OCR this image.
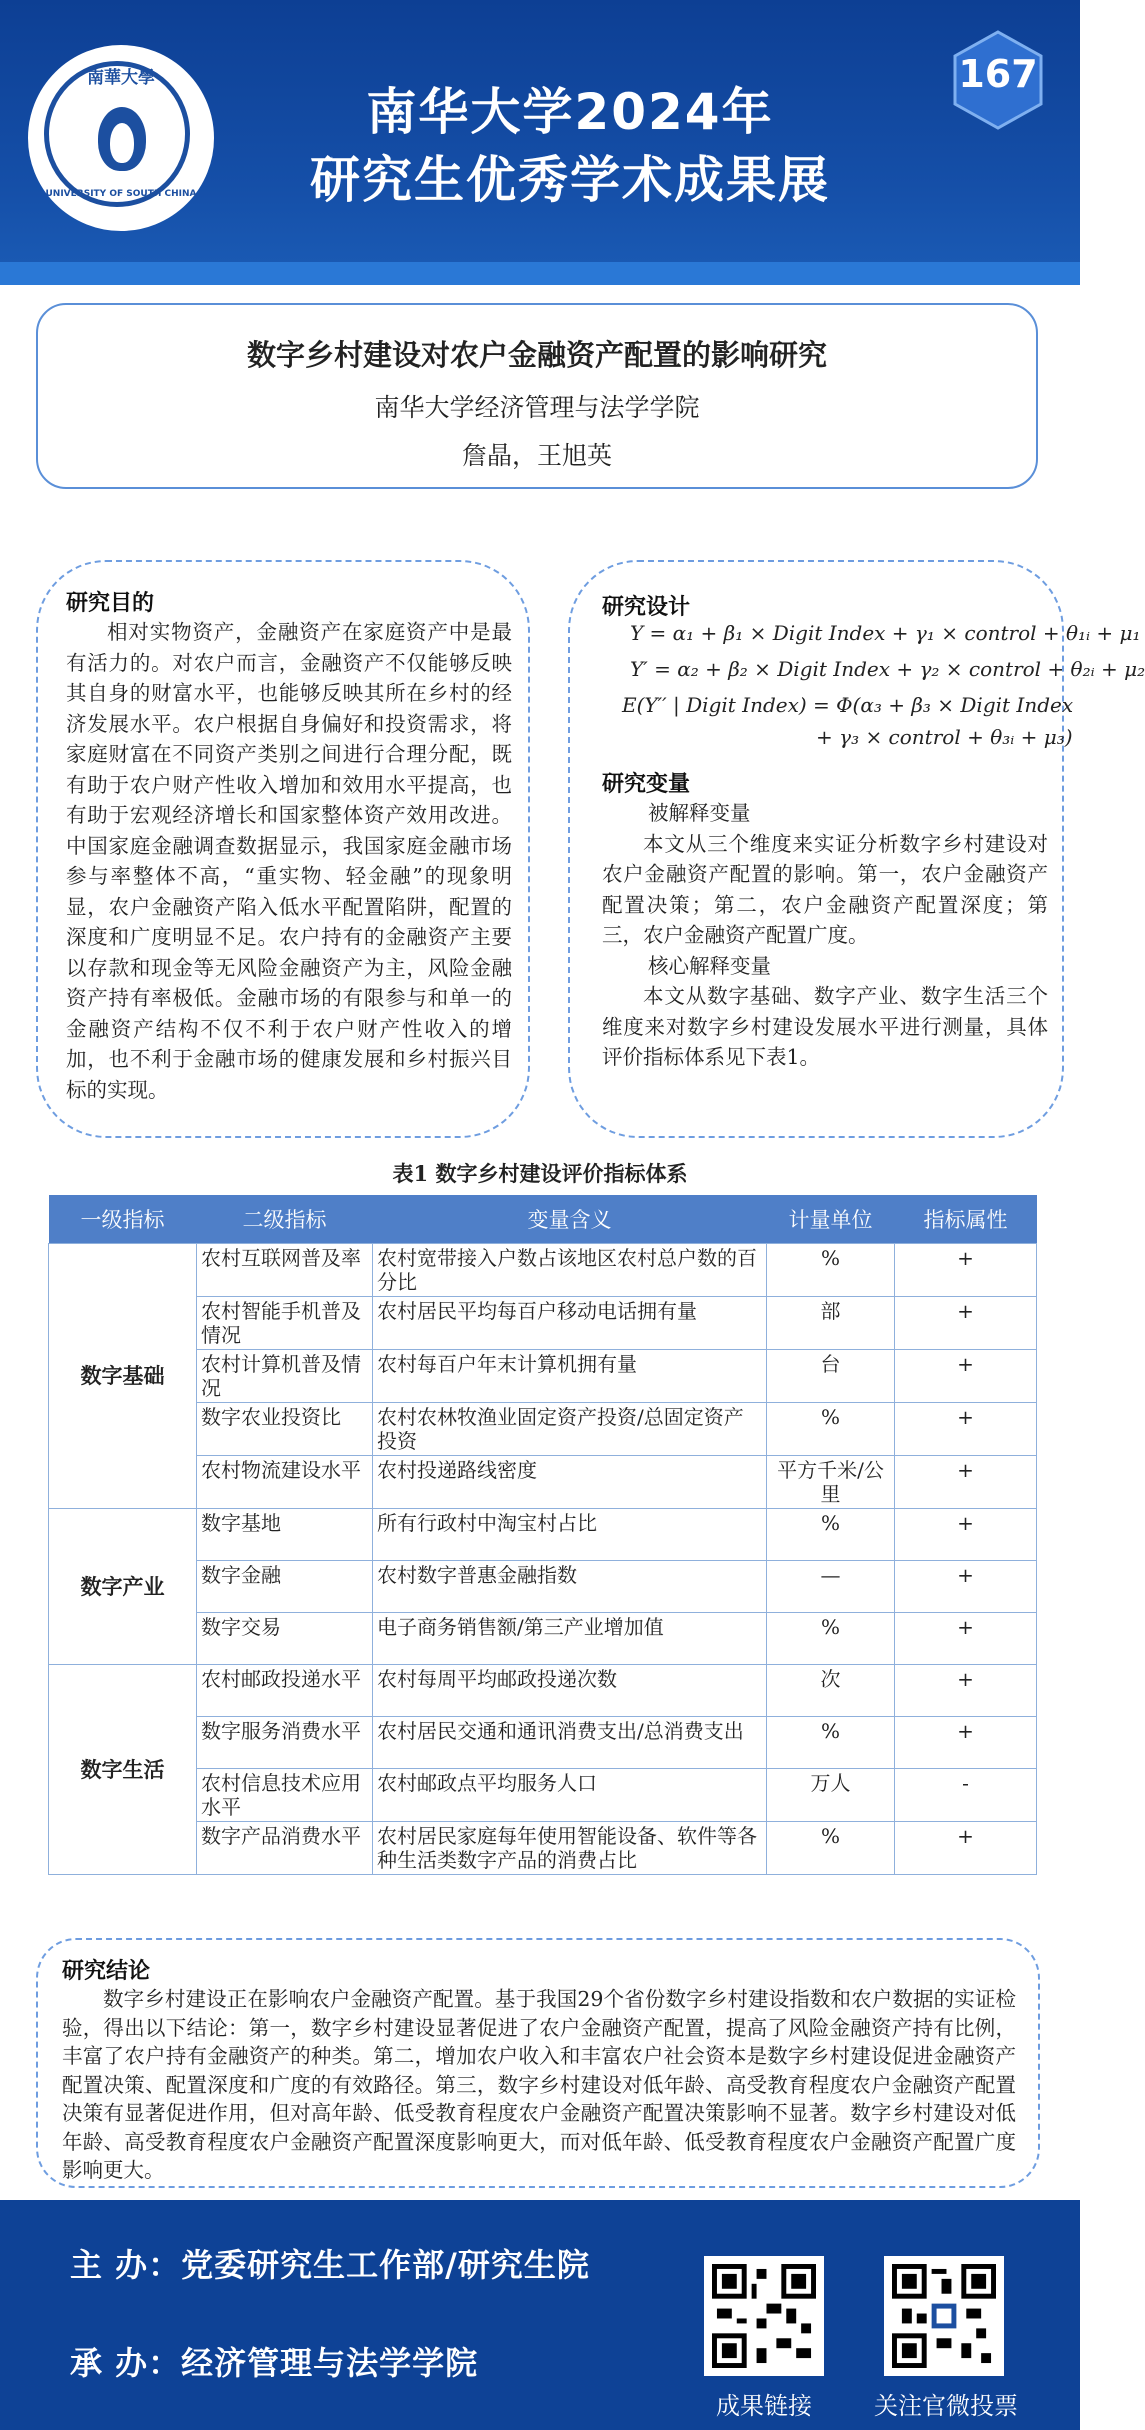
南華大學
UNIVERSITY OF SOUTH CHINA
南华大学2024年
研究生优秀学术成果展
167
数字乡村建设对农户金融资产配置的影响研究
南华大学经济管理与法学学院
詹晶，王旭英
研究目的
相对实物资产，金融资产在家庭资产中是最有活力的。对农户而言，金融资产不仅能够反映其自身的财富水平，也能够反映其所在乡村的经济发展水平。农户根据自身偏好和投资需求，将家庭财富在不同资产类别之间进行合理分配，既有助于农户财产性收入增加和效用水平提高，也有助于宏观经济增长和国家整体资产效用改进。中国家庭金融调查数据显示，我国家庭金融市场参与率整体不高，“重实物、轻金融”的现象明显，农户金融资产陷入低水平配置陷阱，配置的深度和广度明显不足。农户持有的金融资产主要以存款和现金等无风险金融资产为主，风险金融资产持有率极低。金融市场的有限参与和单一的金融资产结构不仅不利于农户财产性收入的增加，也不利于金融市场的健康发展和乡村振兴目标的实现。
研究设计
Y = α₁ + β₁ × Digit Index + γ₁ × control + θ₁ᵢ + μ₁
Y′ = α₂ + β₂ × Digit Index + γ₂ × control + θ₂ᵢ + μ₂
E(Y′′ | Digit Index) = Φ(α₃ + β₃ × Digit Index
+ γ₃ × control + θ₃ᵢ + μ₃)
研究变量
被解释变量
本文从三个维度来实证分析数字乡村建设对农户金融资产配置的影响。第一，农户金融资产配置决策；第二，农户金融资产配置深度；第三，农户金融资产配置广度。
核心解释变量
本文从数字基础、数字产业、数字生活三个维度来对数字乡村建设发展水平进行测量，具体评价指标体系见下表1。
表1 数字乡村建设评价指标体系
一级指标	二级指标	变量含义	计量单位	指标属性
数字基础	农村互联网普及率	农村宽带接入户数占该地区农村总户数的百分比	%	+
	农村智能手机普及情况	农村居民平均每百户移动电话拥有量	部	+
	农村计算机普及情况	农村每百户年末计算机拥有量	台	+
	数字农业投资比	农村农林牧渔业固定资产投资/总固定资产投资	%	+
	农村物流建设水平	农村投递路线密度	平方千米/公里	+
数字产业	数字基地	所有行政村中淘宝村占比	%	+
	数字金融	农村数字普惠金融指数	—	+
	数字交易	电子商务销售额/第三产业增加值	%	+
数字生活	农村邮政投递水平	农村每周平均邮政投递次数	次	+
	数字服务消费水平	农村居民交通和通讯消费支出/总消费支出	%	+
	农村信息技术应用水平	农村邮政点平均服务人口	万人	-
	数字产品消费水平	农村居民家庭每年使用智能设备、软件等各种生活类数字产品的消费占比	%	+
研究结论
数字乡村建设正在影响农户金融资产配置。基于我国29个省份数字乡村建设指数和农户数据的实证检验，得出以下结论：第一，数字乡村建设显著促进了农户金融资产配置，提高了风险金融资产持有比例，丰富了农户持有金融资产的种类。第二，增加农户收入和丰富农户社会资本是数字乡村建设促进金融资产配置决策、配置深度和广度的有效路径。第三，数字乡村建设对低年龄、高受教育程度农户金融资产配置决策有显著促进作用，但对高年龄、低受教育程度农户金融资产配置决策影响不显著。数字乡村建设对低年龄、高受教育程度农户金融资产配置深度影响更大，而对低年龄、低受教育程度农户金融资产配置广度影响更大。
主 办：党委研究生工作部/研究生院
承 办：经济管理与法学学院
成果链接	关注官微投票
